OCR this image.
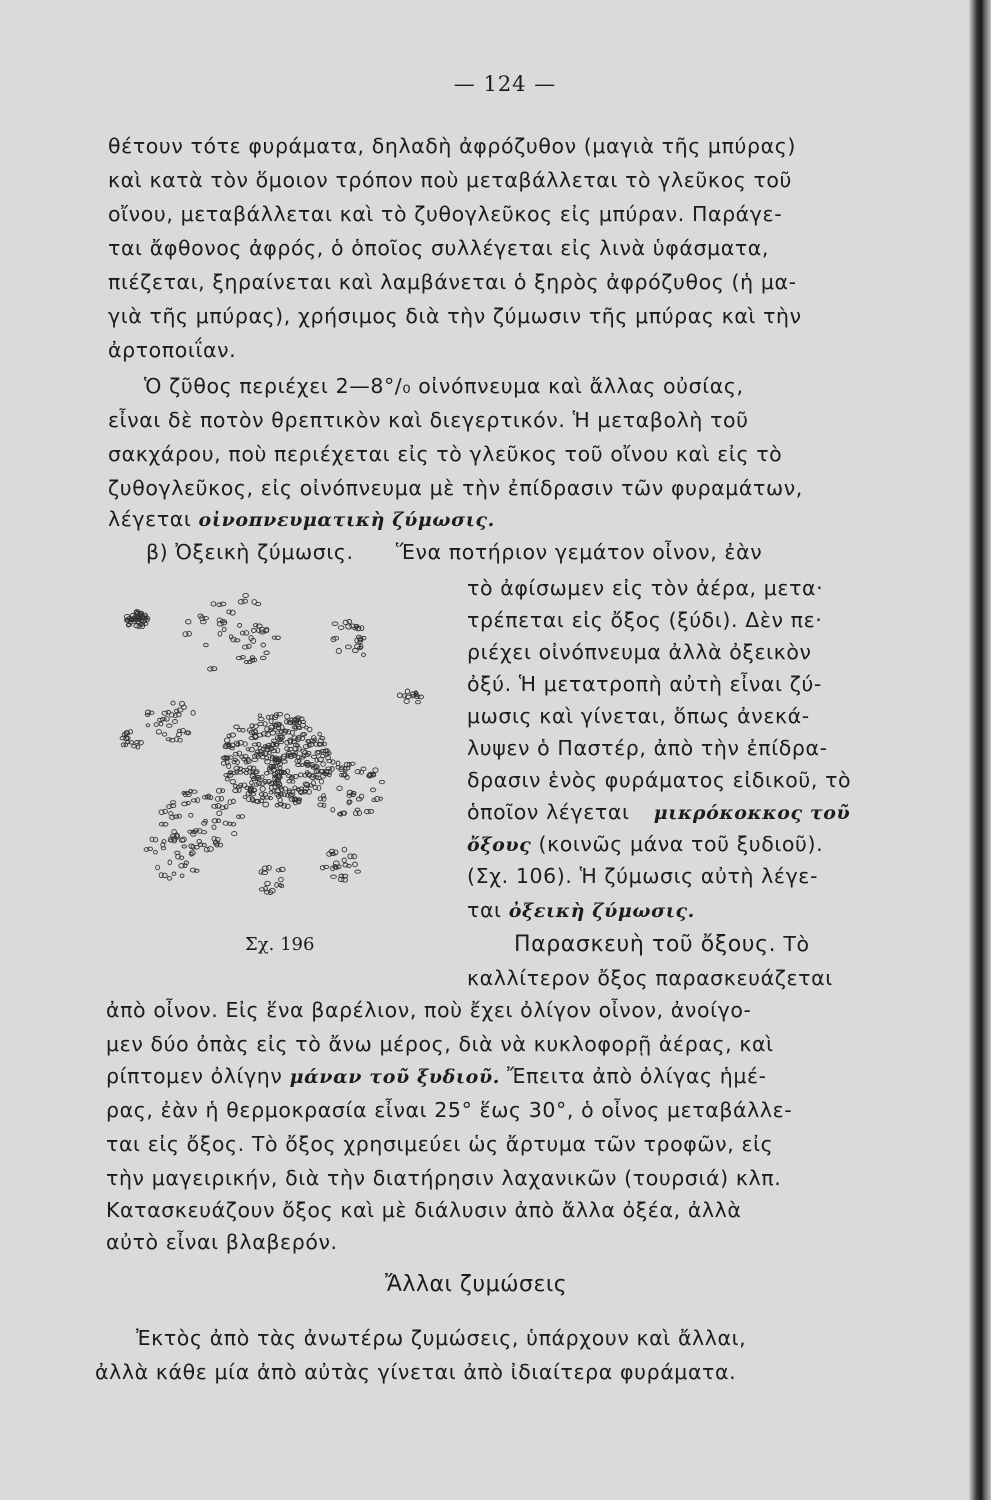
— 124 —
θέτουν τότε φυράματα, δηλαδὴ ἀφρόζυθον (μαγιὰ τῆς μπύρας)
καὶ κατὰ τὸν ὅμοιον τρόπον ποὺ μεταβάλλεται τὸ γλεῦκος τοῦ
οἴνου, μεταβάλλεται καὶ τὸ ζυθογλεῦκος εἰς μπύραν. Παράγε-
ται ἄφθονος ἀφρός, ὁ ὁποῖος συλλέγεται εἰς λινὰ ὑφάσματα,
πιέζεται, ξηραίνεται καὶ λαμβάνεται ὁ ξηρὸς ἀφρόζυθος (ἡ μα-
γιὰ τῆς μπύρας), χρήσιμος διὰ τὴν ζύμωσιν τῆς μπύρας καὶ τὴν
ἀρτοποιΐαν.
Ὁ ζῦθος περιέχει 2—8°/₀ οἰνόπνευμα καὶ ἄλλας οὐσίας,
εἶναι δὲ ποτὸν θρεπτικὸν καὶ διεγερτικόν. Ἡ μεταβολὴ τοῦ
σακχάρου, ποὺ περιέχεται εἰς τὸ γλεῦκος τοῦ οἴνου καὶ εἰς τὸ
ζυθογλεῦκος, εἰς οἰνόπνευμα μὲ τὴν ἐπίδρασιν τῶν φυραμάτων,
λέγεται οἰνοπνευματικὴ ζύμωσις.
β) Ὀξεικὴ ζύμωσις. Ἕνα ποτήριον γεμάτον οἶνον, ἐὰν
Σχ. 196
τὸ ἀφίσωμεν εἰς τὸν ἀέρα, μετα·
τρέπεται εἰς ὄξος (ξύδι). Δὲν πε·
ριέχει οἰνόπνευμα ἀλλὰ ὀξεικὸν
ὀξύ. Ἡ μετατροπὴ αὐτὴ εἶναι ζύ-
μωσις καὶ γίνεται, ὅπως ἀνεκά-
λυψεν ὁ Παστέρ, ἀπὸ τὴν ἐπίδρα-
δρασιν ἑνὸς φυράματος εἰδικοῦ, τὸ
ὁποῖον λέγεται μικρόκοκκος τοῦ
ὄξους (κοινῶς μάνα τοῦ ξυδιοῦ).
(Σχ. 106). Ἡ ζύμωσις αὐτὴ λέγε-
ται ὀξεικὴ ζύμωσις.
Παρασκευὴ τοῦ ὄξους. Τὸ
καλλίτερον ὄξος παρασκευάζεται
ἀπὸ οἶνον. Εἰς ἕνα βαρέλιον, ποὺ ἔχει ὀλίγον οἶνον, ἀνοίγο-
μεν δύο ὀπὰς εἰς τὸ ἄνω μέρος, διὰ νὰ κυκλοφορῇ ἀέρας, καὶ
ρίπτομεν ὀλίγην μάναν τοῦ ξυδιοῦ. Ἔπειτα ἀπὸ ὀλίγας ἡμέ-
ρας, ἐὰν ἡ θερμοκρασία εἶναι 25° ἕως 30°, ὁ οἶνος μεταβάλλε-
ται εἰς ὄξος. Τὸ ὄξος χρησιμεύει ὡς ἄρτυμα τῶν τροφῶν, εἰς
τὴν μαγειρικήν, διὰ τὴν διατήρησιν λαχανικῶν (τουρσιά) κλπ.
Κατασκευάζουν ὄξος καὶ μὲ διάλυσιν ἀπὸ ἄλλα ὀξέα, ἀλλὰ
αὐτὸ εἶναι βλαβερόν.
Ἄλλαι ζυμώσεις
Ἐκτὸς ἀπὸ τὰς ἀνωτέρω ζυμώσεις, ὑπάρχουν καὶ ἄλλαι,
ἀλλὰ κάθε μία ἀπὸ αὐτὰς γίνεται ἀπὸ ἰδιαίτερα φυράματα.
